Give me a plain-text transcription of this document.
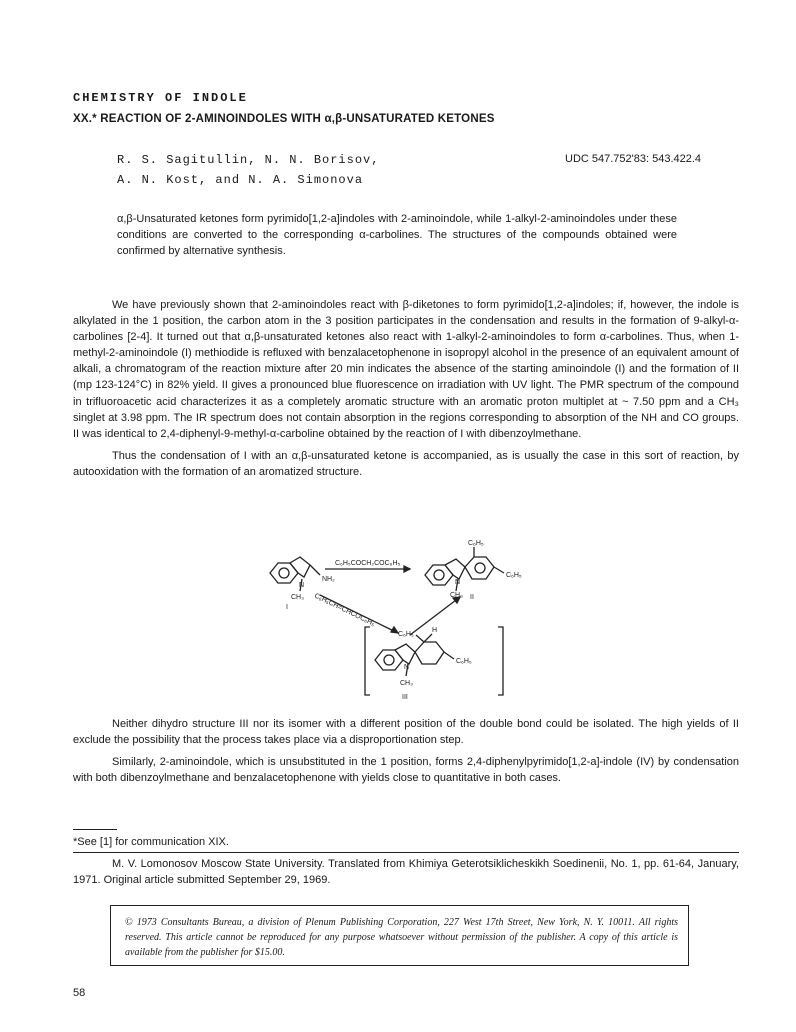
CHEMISTRY OF INDOLE
XX.* REACTION OF 2-AMINOINDOLES WITH α,β-UNSATURATED KETONES
R. S. Sagitullin, N. N. Borisov,
A. N. Kost, and N. A. Simonova
UDC 547.752'83: 543.422.4
α,β-Unsaturated ketones form pyrimido[1,2-a]indoles with 2-aminoindole, while 1-alkyl-2-aminoindoles under these conditions are converted to the corresponding α-carbolines. The structures of the compounds obtained were confirmed by alternative synthesis.

We have previously shown that 2-aminoindoles react with β-diketones to form pyrimido[1,2-a]indoles; if, however, the indole is alkylated in the 1 position, the carbon atom in the 3 position participates in the condensation and results in the formation of 9-alkyl-α-carbolines [2-4]. It turned out that α,β-unsaturated ketones also react with 1-alkyl-2-aminoindoles to form α-carbolines. Thus, when 1-methyl-2-aminoindole (I) methiodide is refluxed with benzalacetophenone in isopropyl alcohol in the presence of an equivalent amount of alkali, a chromatogram of the reaction mixture after 20 min indicates the absence of the starting aminoindole (I) and the formation of II (mp 123-124°C) in 82% yield. II gives a pronounced blue fluorescence on irradiation with UV light. The PMR spectrum of the compound in trifluoroacetic acid characterizes it as a completely aromatic structure with an aromatic proton multiplet at ~ 7.50 ppm and a CH₃ singlet at 3.98 ppm. The IR spectrum does not contain absorption in the regions corresponding to absorption of the NH and CO groups. II was identical to 2,4-diphenyl-9-methyl-α-carboline obtained by the reaction of I with dibenzoylmethane.

Thus the condensation of I with an α,β-unsaturated ketone is accompanied, as is usually the case in this sort of reaction, by autooxidation with the formation of an aromatized structure.

C₆H₅COCH₂COC₆H₅
NH₂
N
CH₃
I	C₆H₅CH=CHCOC₆H₅
C₆H₅
C₆H₅
N
CH₃ II
C₆H₅
H
C₆H₅
N
CH₃
III

Neither dihydro structure III nor its isomer with a different position of the double bond could be isolated. The high yields of II exclude the possibility that the process takes place via a disproportionation step.

Similarly, 2-aminoindole, which is unsubstituted in the 1 position, forms 2,4-diphenylpyrimido[1,2-a]-indole (IV) by condensation with both dibenzoylmethane and benzalacetophenone with yields close to quantitative in both cases.

*See [1] for communication XIX.
M. V. Lomonosov Moscow State University. Translated from Khimiya Geterotsiklicheskikh Soedinenii, No. 1, pp. 61-64, January, 1971. Original article submitted September 29, 1969.
© 1973 Consultants Bureau, a division of Plenum Publishing Corporation, 227 West 17th Street, New York, N. Y. 10011. All rights reserved. This article cannot be reproduced for any purpose whatsoever without permission of the publisher. A copy of this article is available from the publisher for $15.00.
58
